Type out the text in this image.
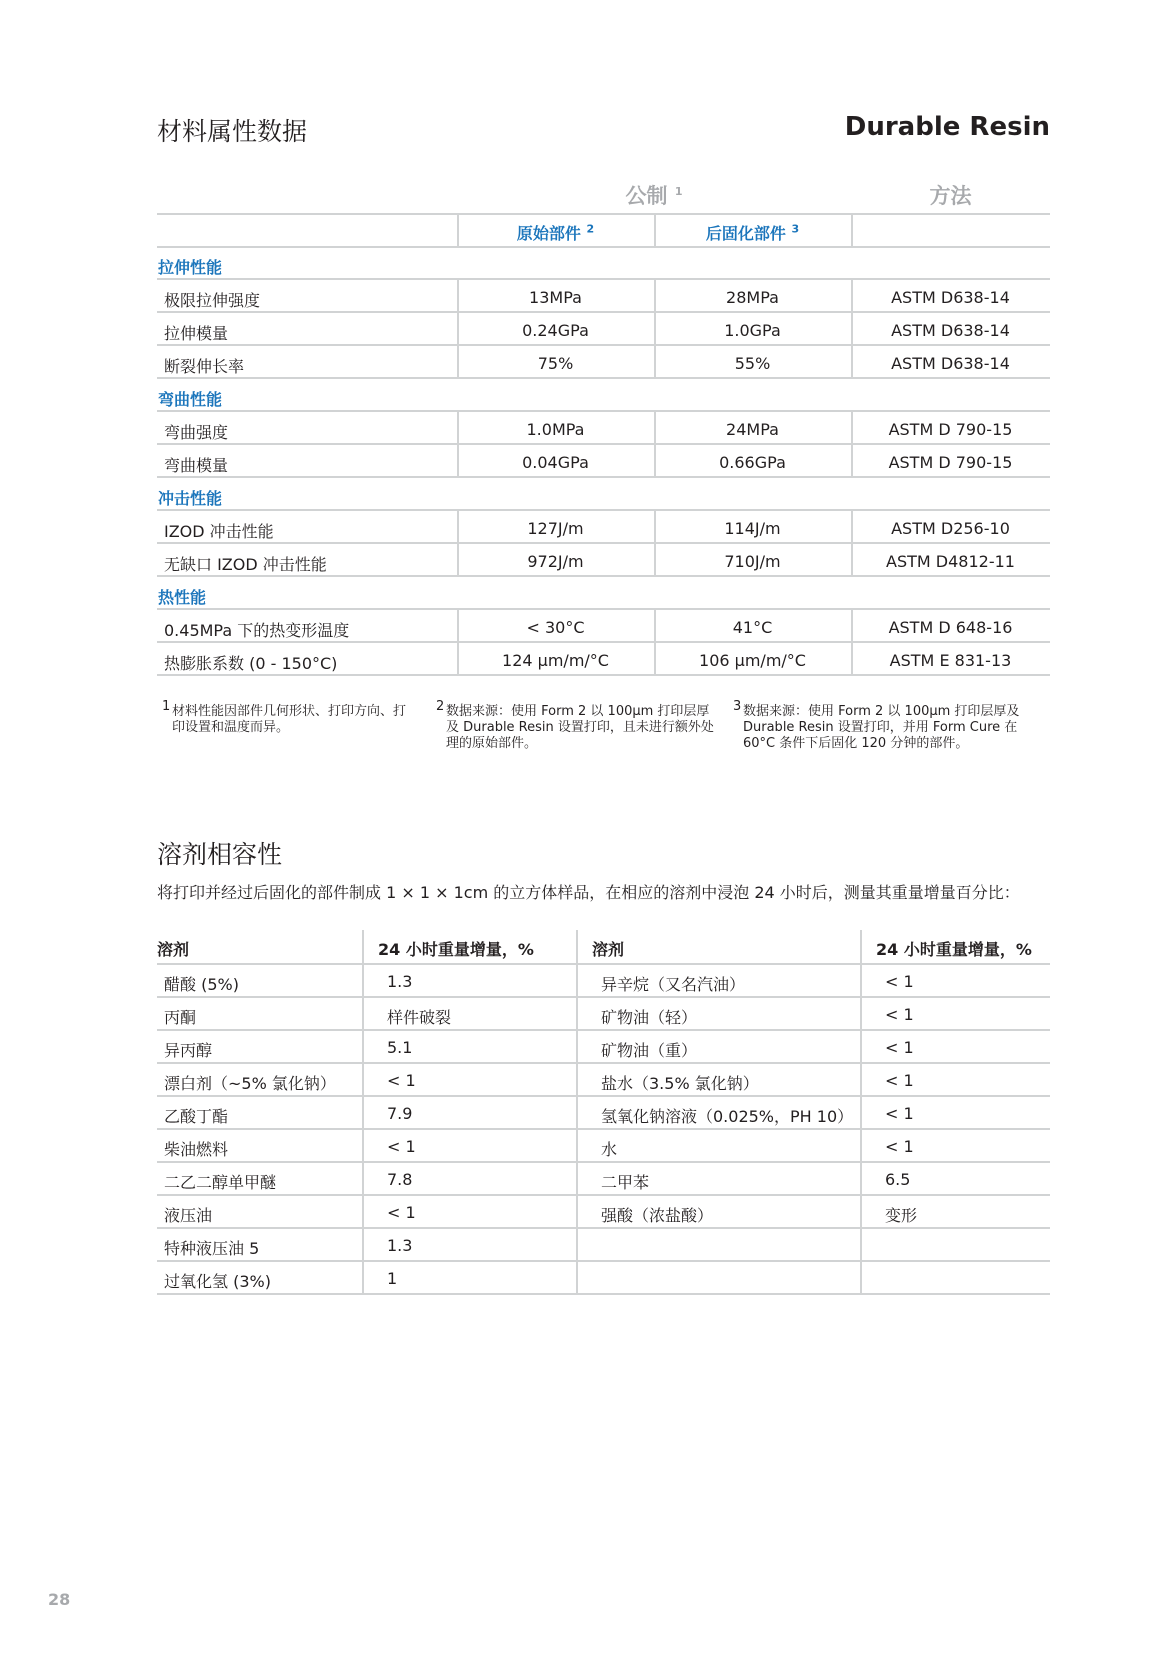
材料属性数据	Durable Resin
公制 $^1$	方法
原始部件 $^2$	后固化部件 $^3$
拉伸性能
极限拉伸强度	13MPa	28MPa	ASTM D638-14
拉伸模量	0.24GPa	1.0GPa	ASTM D638-14
断裂伸长率	75%	55%	ASTM D638-14
弯曲性能
弯曲强度	1.0MPa	24MPa	ASTM D 790-15
弯曲模量	0.04GPa	0.66GPa	ASTM D 790-15
冲击性能
IZOD 冲击性能	127J/m	114J/m	ASTM D256-10
无缺口 IZOD 冲击性能	972J/m	710J/m	ASTM D4812-11
热性能
0.45MPa 下的热变形温度	< 30°C	41°C	ASTM D 648-16
热膨胀系数 (0 - 150°C)	124 μm/m/°C	106 μm/m/°C	ASTM E 831-13
1 材料性能因部件几何形状、打印方向、打印设置和温度而异。
2 数据来源：使用 Form 2 以 100μm 打印层厚及 Durable Resin 设置打印，且未进行额外处理的原始部件。
3 数据来源：使用 Form 2 以 100μm 打印层厚及 Durable Resin 设置打印，并用 Form Cure 在 60°C 条件下后固化 120 分钟的部件。
溶剂相容性
将打印并经过后固化的部件制成 1 × 1 × 1cm 的立方体样品，在相应的溶剂中浸泡 24 小时后，测量其重量增量百分比：
溶剂	24 小时重量增量，%	溶剂	24 小时重量增量，%
醋酸 (5%)	1.3	异辛烷（又名汽油）	< 1
丙酮	样件破裂	矿物油（轻）	< 1
异丙醇	5.1	矿物油（重）	< 1
漂白剂（~5% 氯化钠）	< 1	盐水（3.5% 氯化钠）	< 1
乙酸丁酯	7.9	氢氧化钠溶液（0.025%，PH 10） < 1
柴油燃料	< 1	水	< 1
二乙二醇单甲醚	7.8	二甲苯	6.5
液压油	< 1	强酸（浓盐酸）	变形
特种液压油 5	1.3
过氧化氢 (3%)	1
28
